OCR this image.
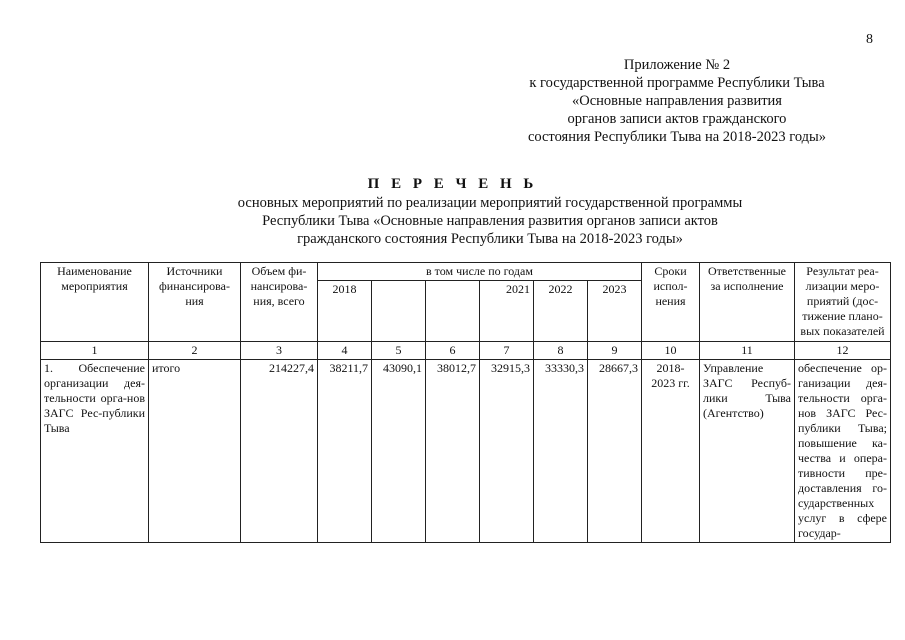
8
Приложение № 2
к государственной программе Республики Тыва
«Основные направления развития
органов записи актов гражданского
состояния Республики Тыва на 2018-2023 годы»
П Е Р Е Ч Е Н Ь
основных мероприятий по реализации мероприятий государственной программы
Республики Тыва «Основные направления развития органов записи актов
гражданского состояния Республики Тыва на 2018-2023 годы»
Наименование мероприятия	Источники финансирова-ния	Объем фи-нансирова-ния, всего	в том числе по годам						Сроки испол-нения	Ответственные за исполнение	Результат реа-лизации меро-приятий (дос-тижение плано-вых показателей
			2018			2021	2022	2023			
1	2	3	4	5	6	7	8	9	10	11	12
1. Обеспечение организации дея-тельности орга-нов ЗАГС Рес-публики Тыва	итого	214227,4	38211,7	43090,1	38012,7	32915,3	33330,3	28667,3	2018-2023 гг.	Управление ЗАГС Респуб-лики Тыва (Агентство)	обеспечение ор-ганизации дея-тельности орга-нов ЗАГС Рес-публики Тыва; повышение ка-чества и опера-тивности пре-доставления го-сударственных услуг в сфере государ-
